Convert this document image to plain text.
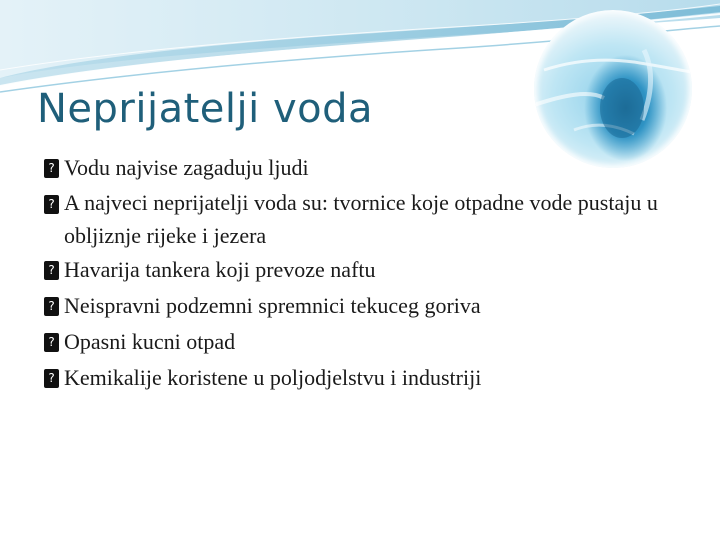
Neprijatelji voda
? Vodu najvise zagaduju ljudi
? A najveci neprijatelji voda su: tvornice koje otpadne vode pustaju u obljiznje rijeke i jezera
? Havarija tankera koji prevoze naftu
? Neispravni podzemni spremnici tekuceg goriva
? Opasni kucni otpad
? Kemikalije koristene u poljodjelstvu i industriji
